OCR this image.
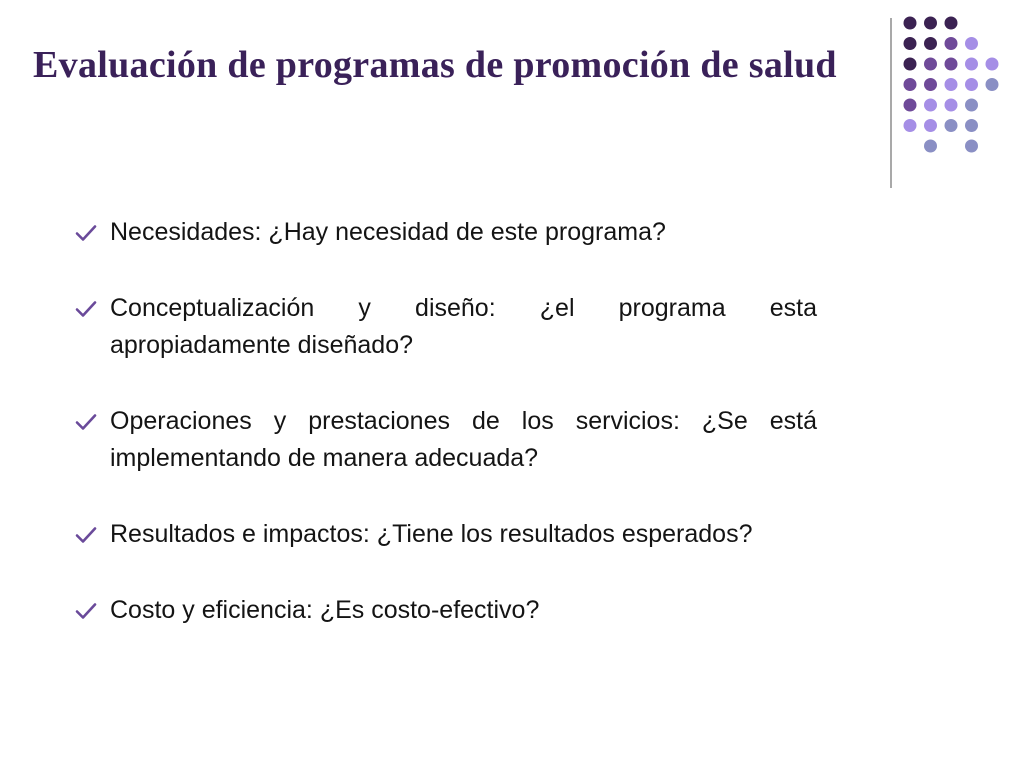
Evaluación de programas de promoción de salud
Necesidades: ¿Hay necesidad de este programa?
Conceptualización y diseño: ¿el programa esta apropiadamente diseñado?
Operaciones y prestaciones de los servicios: ¿Se está implementando de manera adecuada?
Resultados e impactos: ¿Tiene los resultados esperados?
Costo y eficiencia: ¿Es costo-efectivo?
